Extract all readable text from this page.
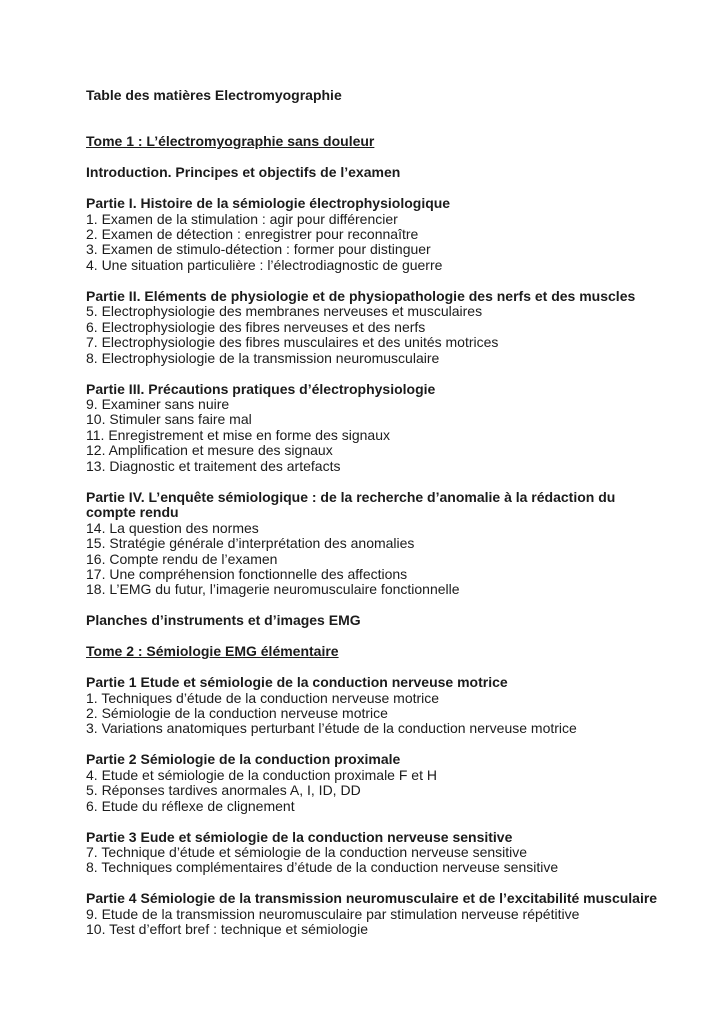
Table des matières Electromyographie
Tome 1 : L’électromyographie sans douleur
Introduction. Principes et objectifs de l’examen
Partie I. Histoire de la sémiologie électrophysiologique
1. Examen de la stimulation : agir pour différencier
2. Examen de détection : enregistrer pour reconnaître
3. Examen de stimulo-détection : former pour distinguer
4. Une situation particulière : l’électrodiagnostic de guerre
Partie II. Eléments de physiologie et de physiopathologie des nerfs et des muscles
5. Electrophysiologie des membranes nerveuses et musculaires
6. Electrophysiologie des fibres nerveuses et des nerfs
7. Electrophysiologie des fibres musculaires et des unités motrices
8. Electrophysiologie de la transmission neuromusculaire
Partie III. Précautions pratiques d’électrophysiologie
9. Examiner sans nuire
10. Stimuler sans faire mal
11. Enregistrement et mise en forme des signaux
12. Amplification et mesure des signaux
13. Diagnostic et traitement des artefacts
Partie IV. L’enquête sémiologique : de la recherche d’anomalie à la rédaction du
compte rendu
14. La question des normes
15. Stratégie générale d’interprétation des anomalies
16. Compte rendu de l’examen
17. Une compréhension fonctionnelle des affections
18. L’EMG du futur, l’imagerie neuromusculaire fonctionnelle
Planches d’instruments et d’images EMG
Tome 2 : Sémiologie EMG élémentaire
Partie 1 Etude et sémiologie de la conduction nerveuse motrice
1. Techniques d’étude de la conduction nerveuse motrice
2. Sémiologie de la conduction nerveuse motrice
3. Variations anatomiques perturbant l’étude de la conduction nerveuse motrice
Partie 2 Sémiologie de la conduction proximale
4. Etude et sémiologie de la conduction proximale F et H
5. Réponses tardives anormales A, I, ID, DD
6. Etude du réflexe de clignement
Partie 3 Eude et sémiologie de la conduction nerveuse sensitive
7. Technique d’étude et sémiologie de la conduction nerveuse sensitive
8. Techniques complémentaires d’étude de la conduction nerveuse sensitive
Partie 4 Sémiologie de la transmission neuromusculaire et de l’excitabilité musculaire
9. Etude de la transmission neuromusculaire par stimulation nerveuse répétitive
10. Test d’effort bref : technique et sémiologie
